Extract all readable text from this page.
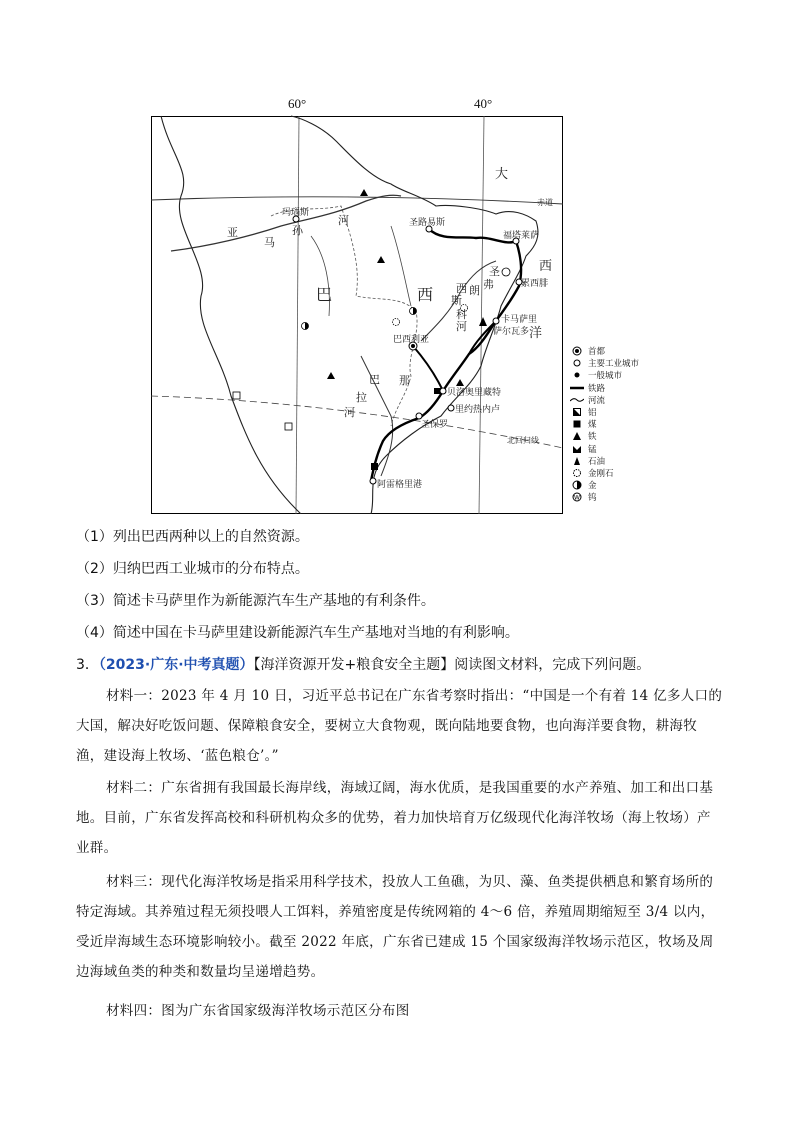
60°	40°
赤道
北回归线
大
西
洋
巴	西
亚
马
孙
河
圣
弗
朗
西
斯
科
河
巴
拉
那
河
玛瑙斯
圣路易斯
福塔莱萨
累西腓
卡马萨里
萨尔瓦多
巴西利亚
贝洛奥里藏特
里约热内卢
圣保罗
阿雷格里港
首都
主要工业城市
一般城市
铁路
河流
铝
煤
铁
锰
石油
金刚石
金
W 钨
（1）列出巴西两种以上的自然资源。
（2）归纳巴西工业城市的分布特点。
（3）简述卡马萨里作为新能源汽车生产基地的有利条件。
（4）简述中国在卡马萨里建设新能源汽车生产基地对当地的有利影响。
3．（2023·广东·中考真题）【海洋资源开发+粮食安全主题】阅读图文材料，完成下列问题。
材料一：2023 年 4 月 10 日，习近平总书记在广东省考察时指出：“中国是一个有着 14 亿多人口的大国，解决好吃饭问题、保障粮食安全，要树立大食物观，既向陆地要食物，也向海洋要食物，耕海牧渔，建设海上牧场、‘蓝色粮仓’。”
材料二：广东省拥有我国最长海岸线，海域辽阔，海水优质，是我国重要的水产养殖、加工和出口基地。目前，广东省发挥高校和科研机构众多的优势，着力加快培育万亿级现代化海洋牧场（海上牧场）产业群。
材料三：现代化海洋牧场是指采用科学技术，投放人工鱼礁，为贝、藻、鱼类提供栖息和繁育场所的特定海域。其养殖过程无须投喂人工饵料，养殖密度是传统网箱的 4～6 倍，养殖周期缩短至 3/4 以内，受近岸海域生态环境影响较小。截至 2022 年底，广东省已建成 15 个国家级海洋牧场示范区，牧场及周边海域鱼类的种类和数量均呈递增趋势。
材料四：图为广东省国家级海洋牧场示范区分布图
